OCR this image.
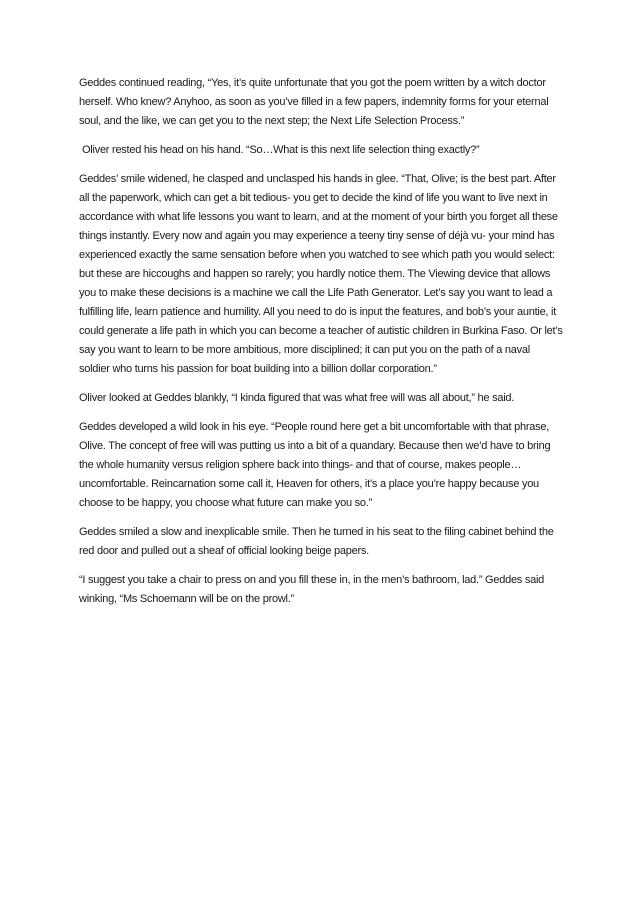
Geddes continued reading, “Yes, it’s quite unfortunate that you got the poem written by a witch doctor herself. Who knew? Anyhoo, as soon as you’ve filled in a few papers, indemnity forms for your eternal soul, and the like, we can get you to the next step; the Next Life Selection Process.”

Oliver rested his head on his hand. “So…What is this next life selection thing exactly?”

Geddes’ smile widened, he clasped and unclasped his hands in glee. “That, Olive; is the best part. After all the paperwork, which can get a bit tedious- you get to decide the kind of life you want to live next in accordance with what life lessons you want to learn, and at the moment of your birth you forget all these things instantly. Every now and again you may experience a teeny tiny sense of déjà vu- your mind has experienced exactly the same sensation before when you watched to see which path you would select: but these are hiccoughs and happen so rarely; you hardly notice them. The Viewing device that allows you to make these decisions is a machine we call the Life Path Generator. Let’s say you want to lead a fulfilling life, learn patience and humility. All you need to do is input the features, and bob’s your auntie, it could generate a life path in which you can become a teacher of autistic children in Burkina Faso. Or let’s say you want to learn to be more ambitious, more disciplined; it can put you on the path of a naval soldier who turns his passion for boat building into a billion dollar corporation.”

Oliver looked at Geddes blankly, “I kinda figured that was what free will was all about,” he said.

Geddes developed a wild look in his eye. “People round here get a bit uncomfortable with that phrase, Olive. The concept of free will was putting us into a bit of a quandary. Because then we’d have to bring the whole humanity versus religion sphere back into things- and that of course, makes people… uncomfortable. Reincarnation some call it, Heaven for others, it’s a place you’re happy because you choose to be happy, you choose what future can make you so.”

Geddes smiled a slow and inexplicable smile. Then he turned in his seat to the filing cabinet behind the red door and pulled out a sheaf of official looking beige papers.

“I suggest you take a chair to press on and you fill these in, in the men’s bathroom, lad.” Geddes said winking, “Ms Schoemann will be on the prowl.”
